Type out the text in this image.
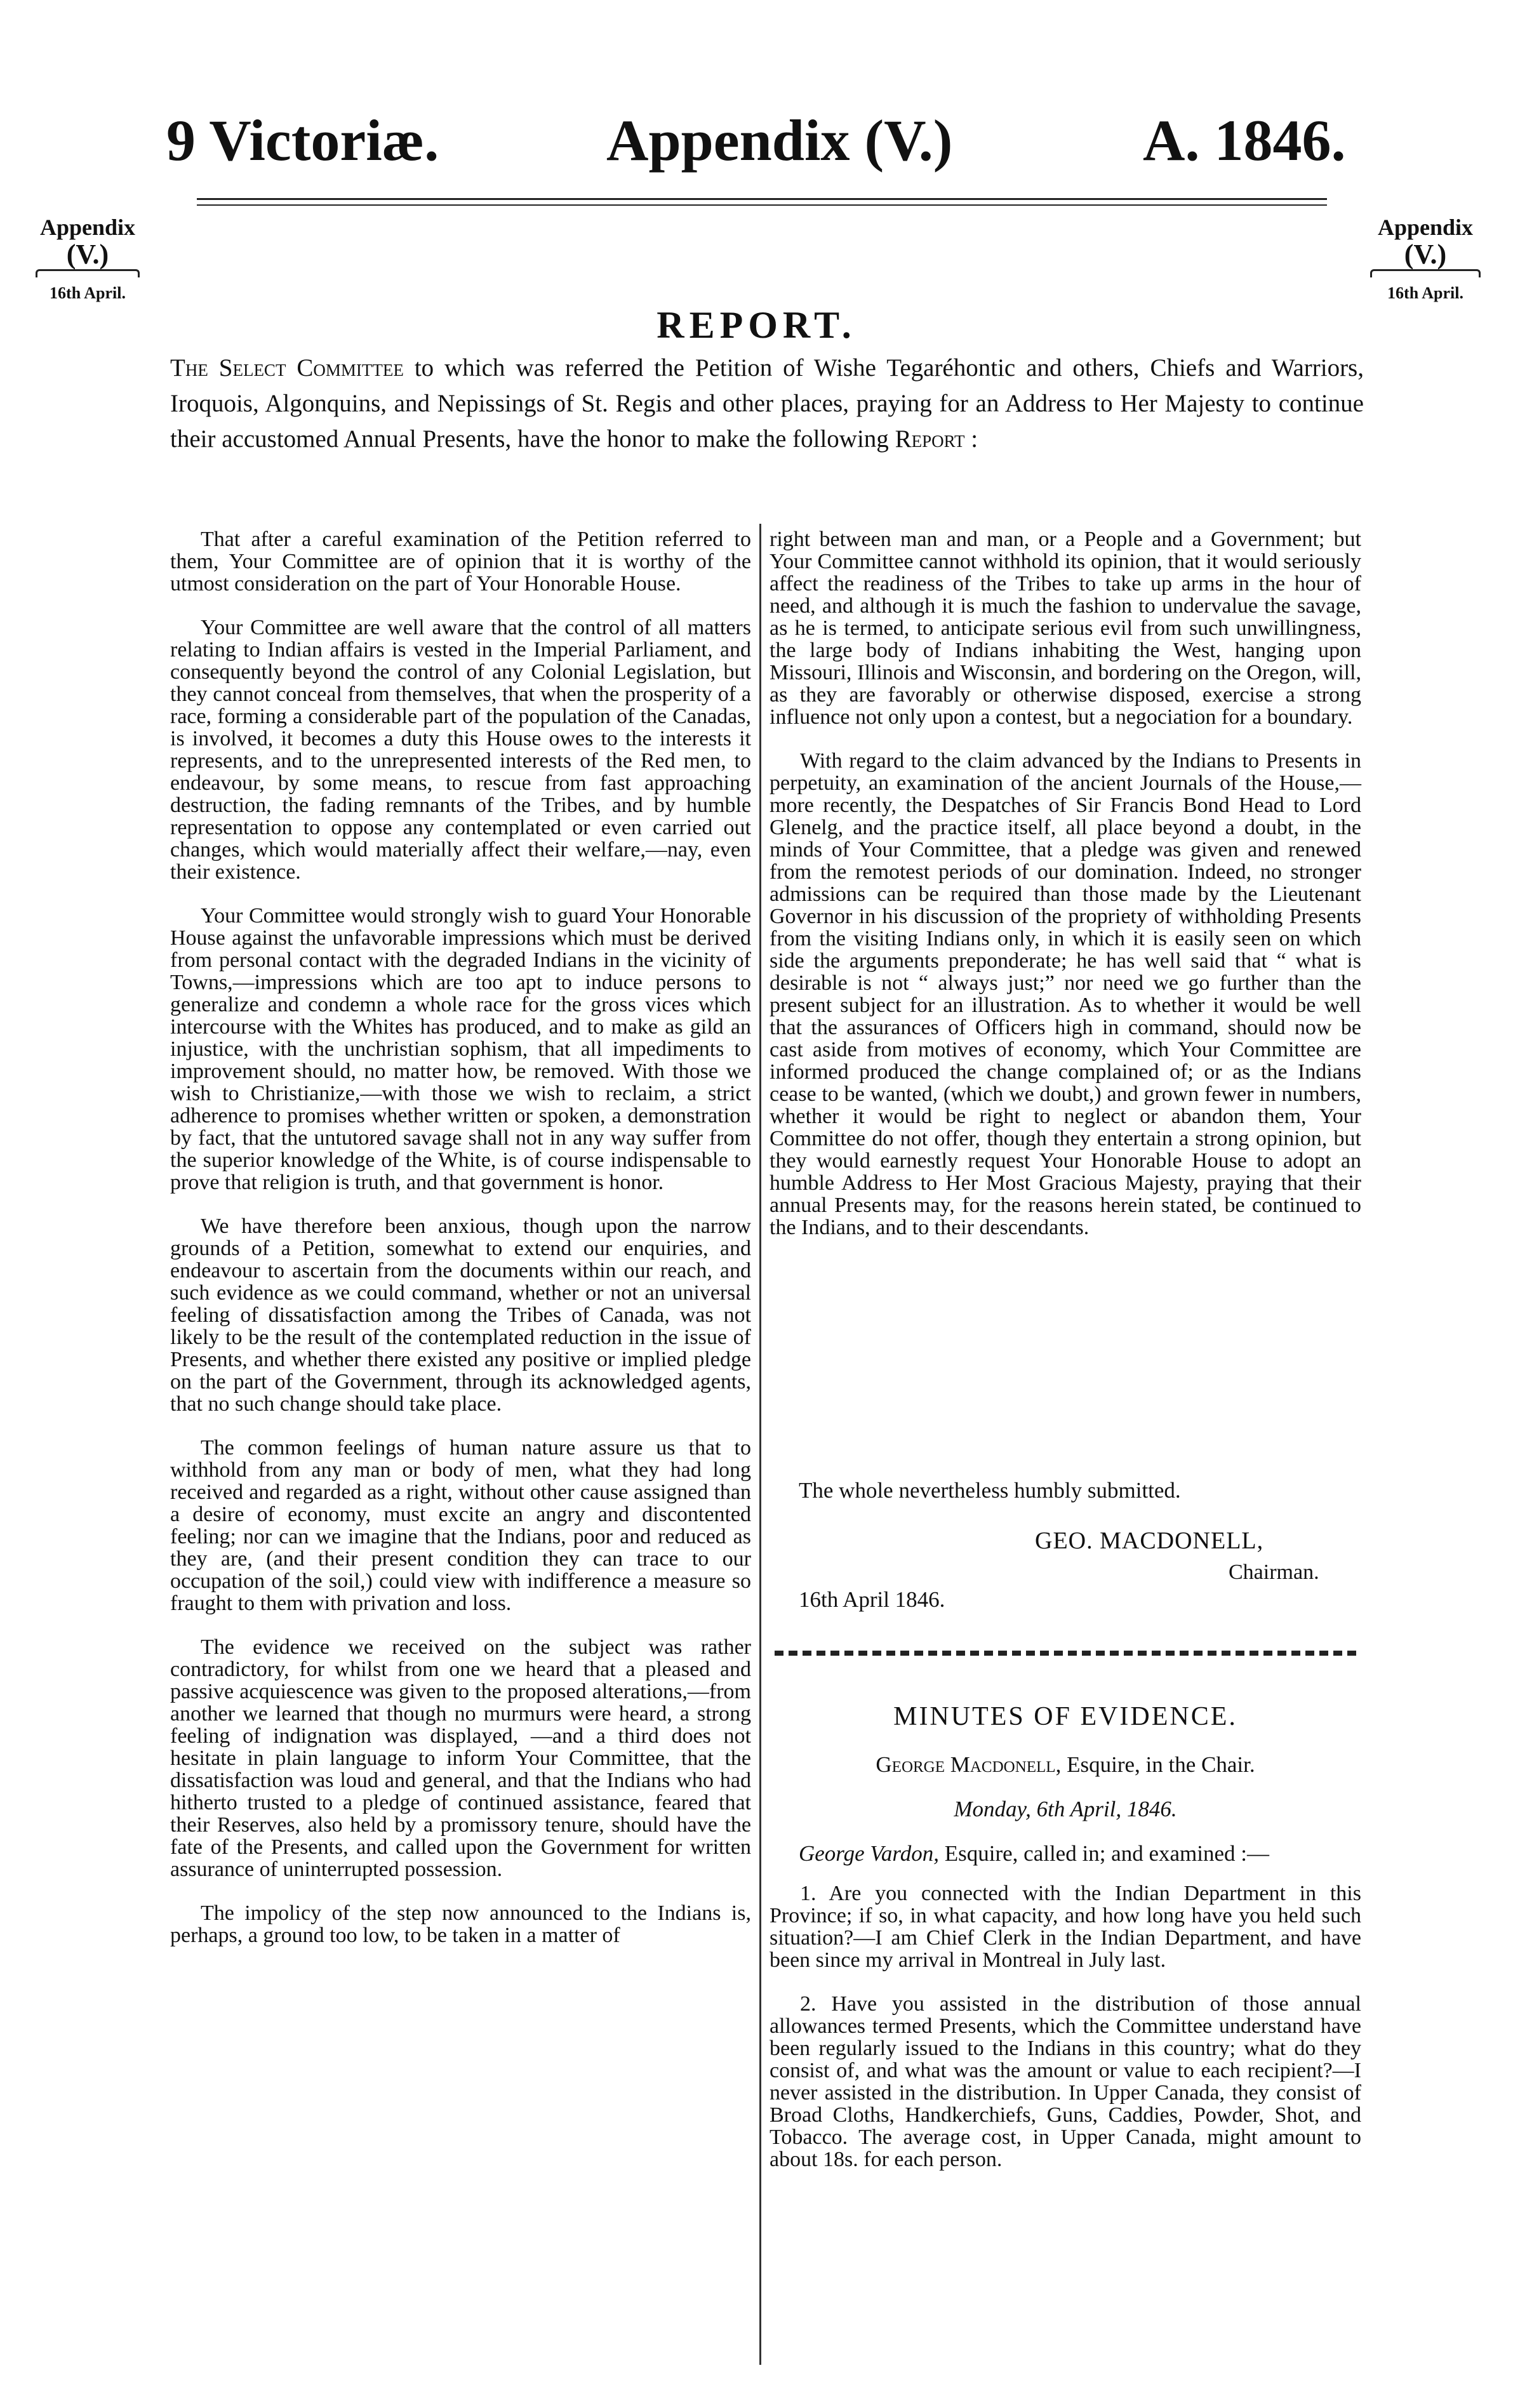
9 Victoriæ.	Appendix (V.)	A. 1846.
Appendix
(V.)
16th April.
Appendix
(V.)
16th April.
REPORT.
The Select Committee to which was referred the Petition of Wishe Tegaréhontic and others, Chiefs and Warriors, Iroquois, Algonquins, and Nepissings of St. Regis and other places, praying for an Address to Her Majesty to continue their accustomed Annual Presents, have the honor to make the following Report :

That after a careful examination of the Petition referred to them, Your Committee are of opinion that it is worthy of the utmost consideration on the part of Your Honorable House.

Your Committee are well aware that the control of all matters relating to Indian affairs is vested in the Imperial Parliament, and consequently beyond the control of any Colonial Legislation, but they cannot conceal from themselves, that when the prosperity of a race, forming a considerable part of the population of the Canadas, is involved, it becomes a duty this House owes to the interests it represents, and to the unrepresented interests of the Red men, to endeavour, by some means, to rescue from fast approaching destruction, the fading remnants of the Tribes, and by humble representation to oppose any contemplated or even carried out changes, which would materially affect their welfare,—nay, even their existence.

Your Committee would strongly wish to guard Your Honorable House against the unfavorable impressions which must be derived from personal contact with the degraded Indians in the vicinity of Towns,—impressions which are too apt to induce persons to generalize and condemn a whole race for the gross vices which intercourse with the Whites has produced, and to make as gild an injustice, with the unchristian sophism, that all impediments to improvement should, no matter how, be removed. With those we wish to Christianize,—with those we wish to reclaim, a strict adherence to promises whether written or spoken, a demonstration by fact, that the untutored savage shall not in any way suffer from the superior knowledge of the White, is of course indispensable to prove that religion is truth, and that government is honor.

We have therefore been anxious, though upon the narrow grounds of a Petition, somewhat to extend our enquiries, and endeavour to ascertain from the documents within our reach, and such evidence as we could command, whether or not an universal feeling of dissatisfaction among the Tribes of Canada, was not likely to be the result of the contemplated reduction in the issue of Presents, and whether there existed any positive or implied pledge on the part of the Government, through its acknowledged agents, that no such change should take place.

The common feelings of human nature assure us that to withhold from any man or body of men, what they had long received and regarded as a right, without other cause assigned than a desire of economy, must excite an angry and discontented feeling; nor can we imagine that the Indians, poor and reduced as they are, (and their present condition they can trace to our occupation of the soil,) could view with indifference a measure so fraught to them with privation and loss.

The evidence we received on the subject was rather contradictory, for whilst from one we heard that a pleased and passive acquiescence was given to the proposed alterations,—from another we learned that though no murmurs were heard, a strong feeling of indignation was displayed, —and a third does not hesitate in plain language to inform Your Committee, that the dissatisfaction was loud and general, and that the Indians who had hitherto trusted to a pledge of continued assistance, feared that their Reserves, also held by a promissory tenure, should have the fate of the Presents, and called upon the Government for written assurance of uninterrupted possession.

The impolicy of the step now announced to the Indians is, perhaps, a ground too low, to be taken in a matter of

right between man and man, or a People and a Government; but Your Committee cannot withhold its opinion, that it would seriously affect the readiness of the Tribes to take up arms in the hour of need, and although it is much the fashion to undervalue the savage, as he is termed, to anticipate serious evil from such unwillingness, the large body of Indians inhabiting the West, hanging upon Missouri, Illinois and Wisconsin, and bordering on the Oregon, will, as they are favorably or otherwise disposed, exercise a strong influence not only upon a contest, but a negociation for a boundary.

With regard to the claim advanced by the Indians to Presents in perpetuity, an examination of the ancient Journals of the House,—more recently, the Despatches of Sir Francis Bond Head to Lord Glenelg, and the practice itself, all place beyond a doubt, in the minds of Your Committee, that a pledge was given and renewed from the remotest periods of our domination. Indeed, no stronger admissions can be required than those made by the Lieutenant Governor in his discussion of the propriety of withholding Presents from the visiting Indians only, in which it is easily seen on which side the arguments preponderate; he has well said that “ what is desirable is not “ always just;” nor need we go further than the present subject for an illustration. As to whether it would be well that the assurances of Officers high in command, should now be cast aside from motives of economy, which Your Committee are informed produced the change complained of; or as the Indians cease to be wanted, (which we doubt,) and grown fewer in numbers, whether it would be right to neglect or abandon them, Your Committee do not offer, though they entertain a strong opinion, but they would earnestly request Your Honorable House to adopt an humble Address to Her Most Gracious Majesty, praying that their annual Presents may, for the reasons herein stated, be continued to the Indians, and to their descendants.

The whole nevertheless humbly submitted.
GEO. MACDONELL,
Chairman.
16th April 1846.
MINUTES OF EVIDENCE.
George Macdonell, Esquire, in the Chair.
Monday, 6th April, 1846.
George Vardon, Esquire, called in; and examined :—

1. Are you connected with the Indian Department in this Province; if so, in what capacity, and how long have you held such situation?—I am Chief Clerk in the Indian Department, and have been since my arrival in Montreal in July last.

2. Have you assisted in the distribution of those annual allowances termed Presents, which the Committee understand have been regularly issued to the Indians in this country; what do they consist of, and what was the amount or value to each recipient?—I never assisted in the distribution. In Upper Canada, they consist of Broad Cloths, Handkerchiefs, Guns, Caddies, Powder, Shot, and Tobacco. The average cost, in Upper Canada, might amount to about 18s. for each person.
